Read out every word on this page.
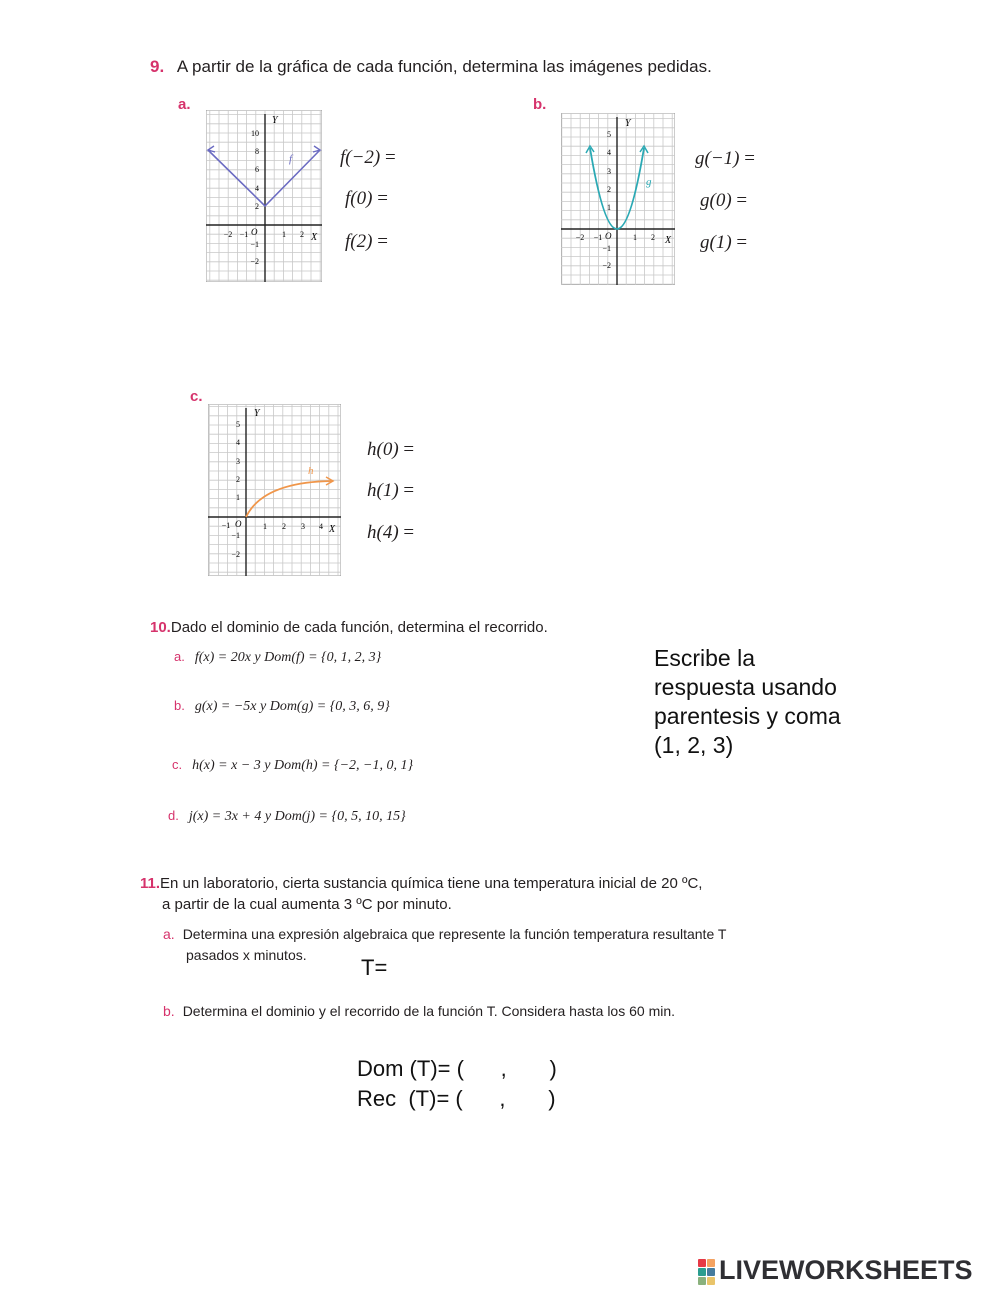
9. A partir de la gráfica de cada función, determina las imágenes pedidas.
a.
f
Y
X
O
10
8
6
4
2
−2
−1
−2 −1	1 2
f(−2) =
f(0) =
f(2) =
b.
g
Y
X
O
5
4
3
2
1
−1
−2
−2 −1	1 2
g(−1) =
g(0) =
g(1) =
c.
h
Y
X
O
5
4
3
2
1
−1
−2
−1	1 2 3 4
h(0) =
h(1) =
h(4) =
10.Dado el dominio de cada función, determina el recorrido.
a. f(x) = 20x y Dom(f) = {0, 1, 2, 3}
b. g(x) = −5x y Dom(g) = {0, 3, 6, 9}
c. h(x) = x − 3 y Dom(h) = {−2, −1, 0, 1}
d. j(x) = 3x + 4 y Dom(j) = {0, 5, 10, 15}
Escribe la
respuesta usando
parentesis y coma
(1, 2, 3)
11.En un laboratorio, cierta sustancia química tiene una temperatura inicial de 20 ºC,
a partir de la cual aumenta 3 ºC por minuto.
a. Determina una expresión algebraica que represente la función temperatura resultante T
pasados x minutos. T=
b. Determina el dominio y el recorrido de la función T. Considera hasta los 60 min.
Dom (T)= (      ,       )
Rec  (T)= (      ,       )
LIVEWORKSHEETS
